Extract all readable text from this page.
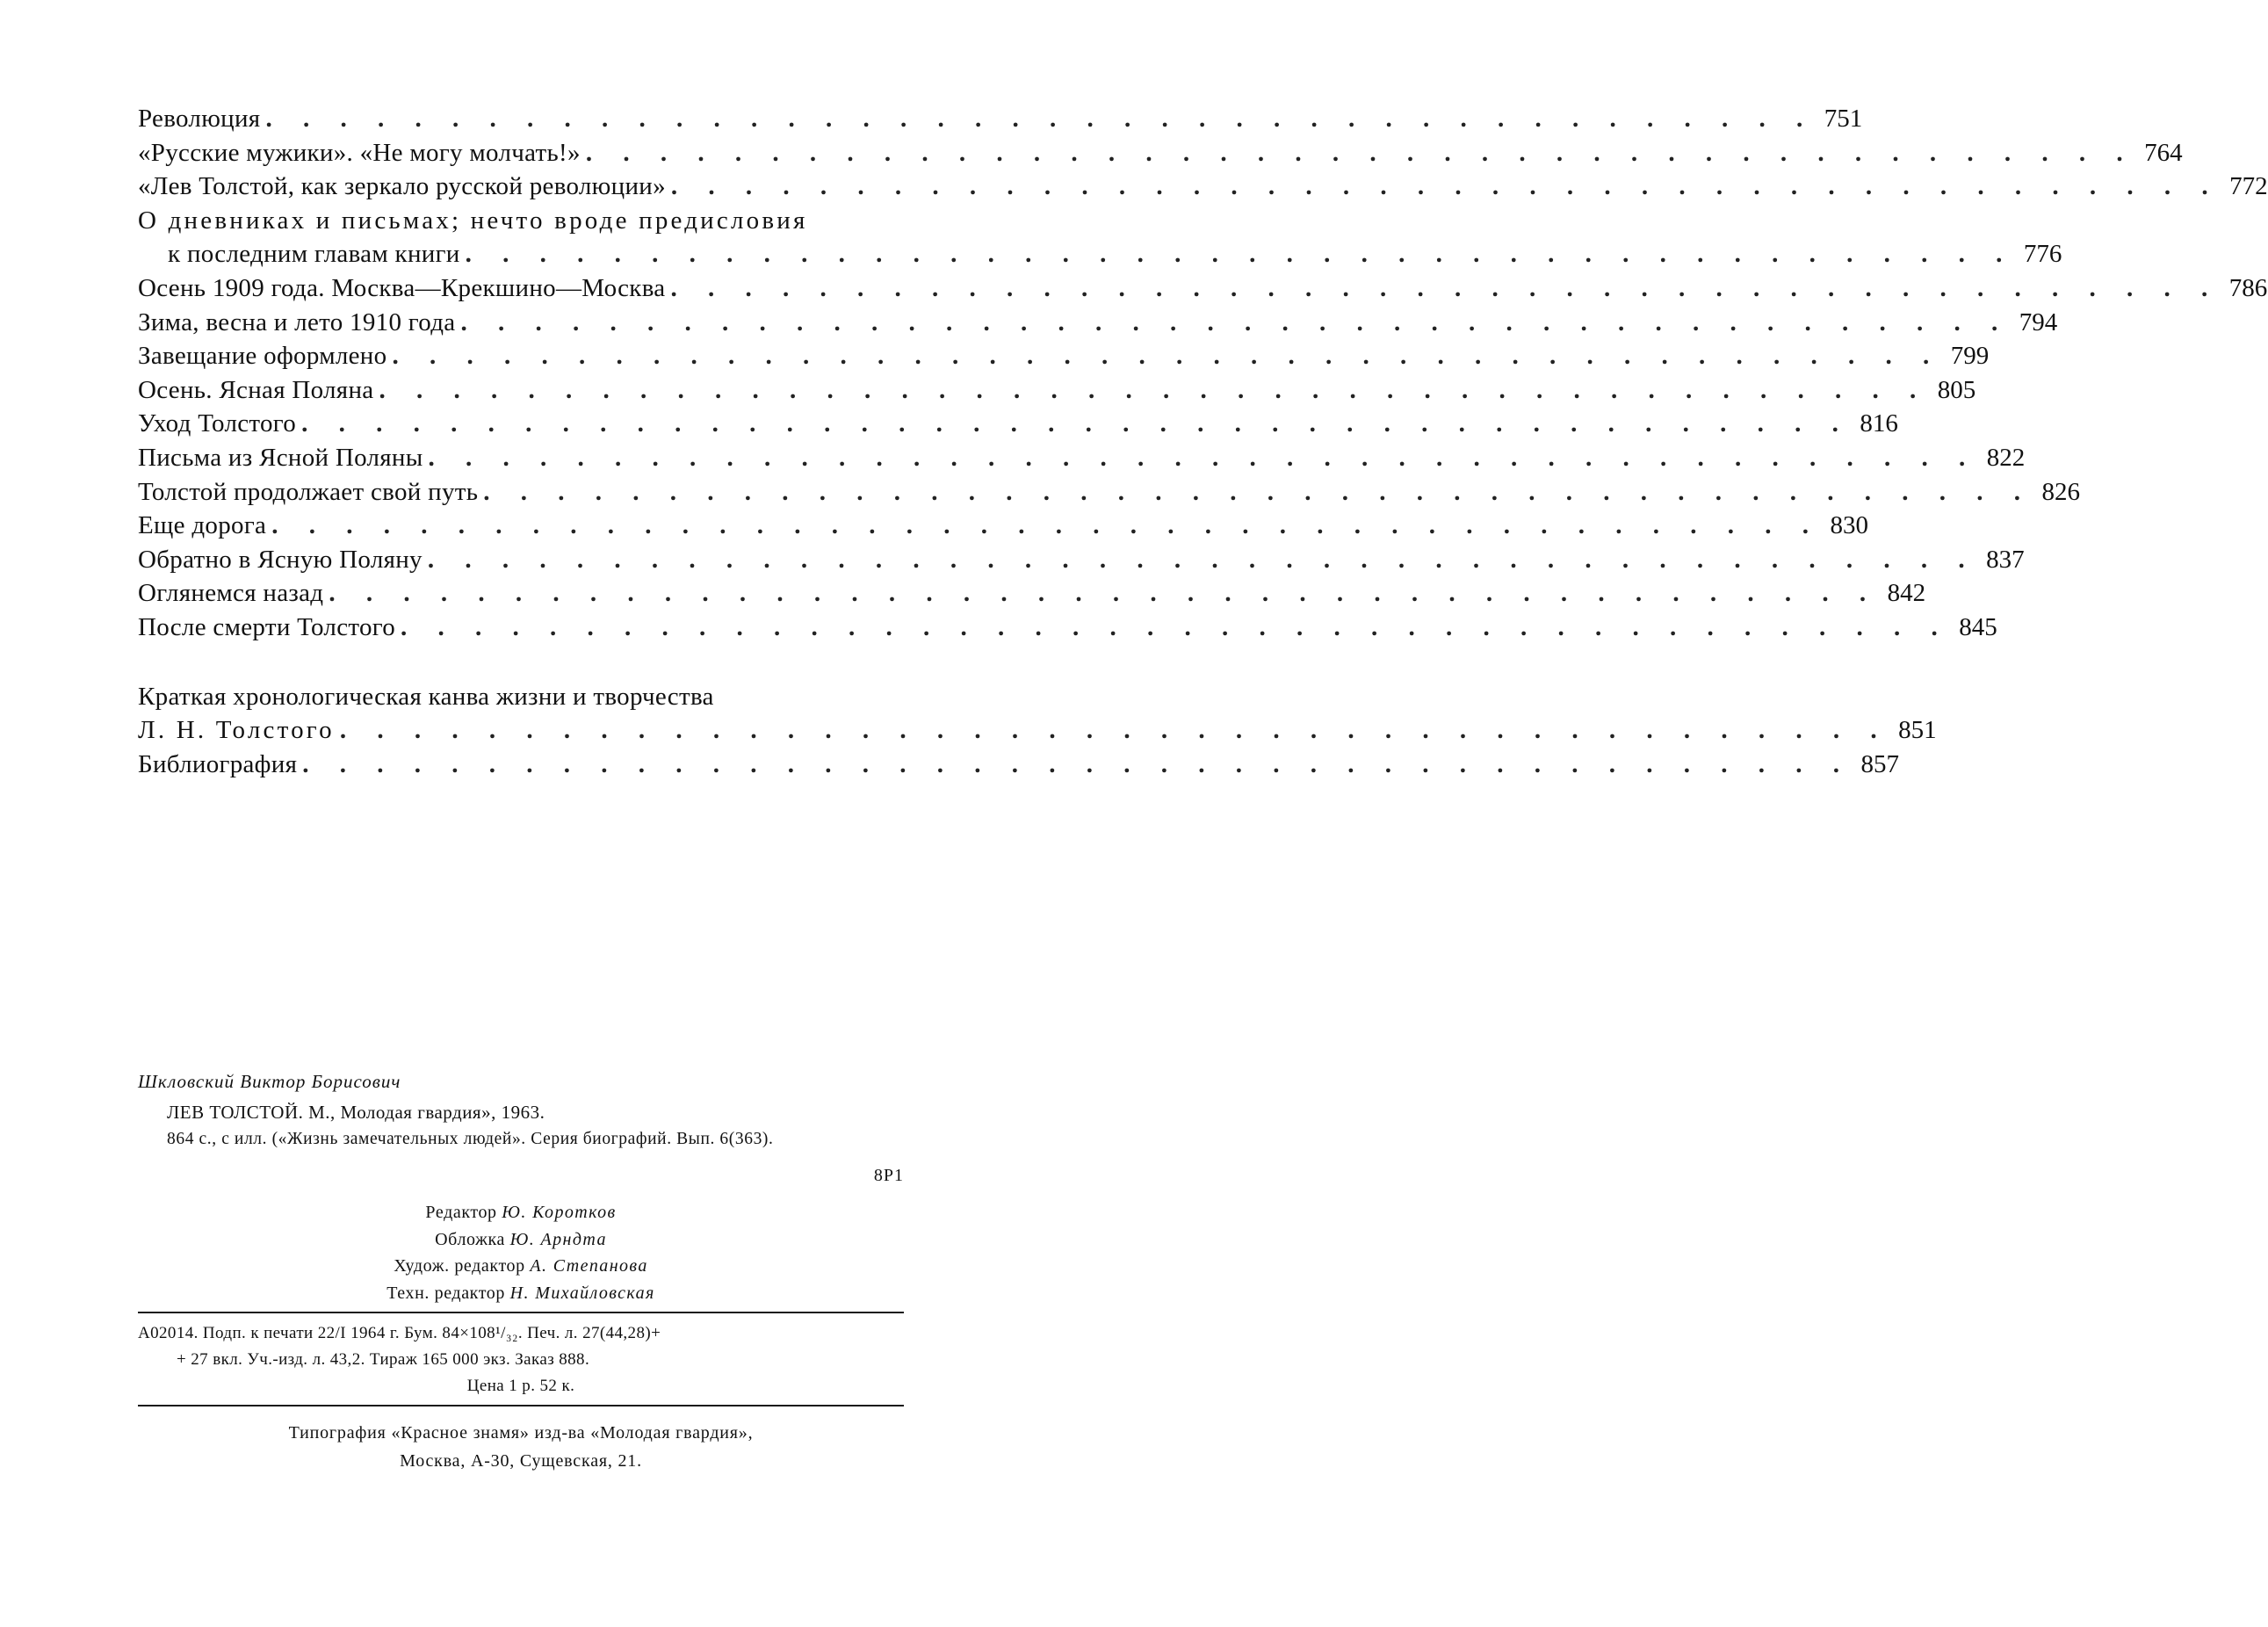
Революция . . . . . . . . . . . . . . . . . . . . . . . . . . . . . . . . . . . . . . . . . . 751
«Русские мужики». «Не могу молчать!» . . . . . . . . . . . . . . . . . . . . . . . . . . . . . . . . . . . . . . . . . . 764
«Лев Толстой, как зеркало русской революции» . . . . . . . . . . . . . . . . . . . . . . . . . . . . . . . . . . . . . . . . . . 772
О дневниках и письмах; нечто вроде предисловия
к последним главам книги . . . . . . . . . . . . . . . . . . . . . . . . . . . . . . . . . . . . . . . . . . 776
Осень 1909 года. Москва—Крекшино—Москва . . . . . . . . . . . . . . . . . . . . . . . . . . . . . . . . . . . . . . . . . . 786
Зима, весна и лето 1910 года . . . . . . . . . . . . . . . . . . . . . . . . . . . . . . . . . . . . . . . . . . 794
Завещание оформлено . . . . . . . . . . . . . . . . . . . . . . . . . . . . . . . . . . . . . . . . . . 799
Осень. Ясная Поляна . . . . . . . . . . . . . . . . . . . . . . . . . . . . . . . . . . . . . . . . . . 805
Уход Толстого . . . . . . . . . . . . . . . . . . . . . . . . . . . . . . . . . . . . . . . . . . 816
Письма из Ясной Поляны . . . . . . . . . . . . . . . . . . . . . . . . . . . . . . . . . . . . . . . . . . 822
Толстой продолжает свой путь . . . . . . . . . . . . . . . . . . . . . . . . . . . . . . . . . . . . . . . . . . 826
Еще дорога . . . . . . . . . . . . . . . . . . . . . . . . . . . . . . . . . . . . . . . . . . 830
Обратно в Ясную Поляну . . . . . . . . . . . . . . . . . . . . . . . . . . . . . . . . . . . . . . . . . . 837
Оглянемся назад . . . . . . . . . . . . . . . . . . . . . . . . . . . . . . . . . . . . . . . . . . 842
После смерти Толстого . . . . . . . . . . . . . . . . . . . . . . . . . . . . . . . . . . . . . . . . . . 845
Краткая хронологическая канва жизни и творчества
Л. Н. Толстого . . . . . . . . . . . . . . . . . . . . . . . . . . . . . . . . . . . . . . . . . . 851
Библиография . . . . . . . . . . . . . . . . . . . . . . . . . . . . . . . . . . . . . . . . . . 857

Шкловский Виктор Борисович

ЛЕВ ТОЛСТОЙ. М., Молодая гвардия», 1963.

864 с., с илл. («Жизнь замечательных людей». Серия биографий. Вып. 6(363).

8Р1
Редактор Ю. Коротков
Обложка Ю. Арндта
Худож. редактор А. Степанова
Техн. редактор Н. Михайловская
А02014. Подп. к печати 22/I 1964 г. Бум. 84×108¹/₃₂. Печ. л. 27(44,28)+
+ 27 вкл. Уч.-изд. л. 43,2. Тираж 165 000 экз. Заказ 888.
Цена 1 р. 52 к.
Типография «Красное знамя» изд-ва «Молодая гвардия»,
Москва, А-30, Сущевская, 21.
